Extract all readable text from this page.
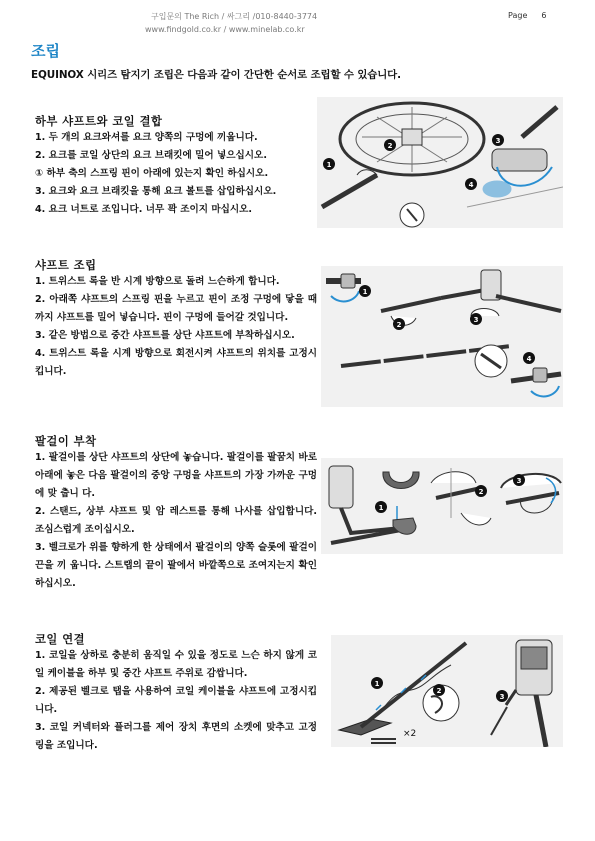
구입문의 The Rich / 싸그리 /010-8440-3774
www.findgold.co.kr / www.minelab.co.kr
Page 6
조립
EQUINOX 시리즈 탐지기 조립은 다음과 같이 간단한 순서로 조립할 수 있습니다.
하부 샤프트와 코일 결합
1. 두 개의 요크와셔를 요크 양쪽의 구멍에 끼웁니다.
2. 요크를 코일 상단의 요크 브래킷에 밀어 넣으십시오.
① 하부 축의 스프링 핀이 아래에 있는지 확인 하십시오.
3. 요크와 요크 브래킷을 통해 요크 볼트를 삽입하십시오.
4. 요크 너트로 조입니다. 너무 꽉 조이지 마십시오.
1
2
3
4
샤프트 조립
1. 트위스트 록을 반 시계 방향으로 돌려 느슨하게 합니다.
2. 아래쪽 샤프트의 스프링 핀을 누르고 핀이 조정 구멍에 닿을 때까지 샤프트를 밀어 넣습니다. 핀이 구멍에 들어갈 것입니다.
3. 같은 방법으로 중간 샤프트를 상단 샤프트에 부착하십시오.
4. 트위스트 록을 시계 방향으로 회전시켜 샤프트의 위치를 고정시킵니다.
1
2
3
4
팔걸이 부착
1. 팔걸이를 상단 샤프트의 상단에 놓습니다. 팔걸이를 팔꿈치 바로 아래에 놓은 다음 팔걸이의 중앙 구멍을 샤프트의 가장 가까운 구멍에 맞 춥니 다.
2. 스탠드, 상부 샤프트 및 암 레스트를 통해 나사를 삽입합니다. 조심스럽게 조이십시오.
3. 벨크로가 위를 향하게 한 상태에서 팔걸이의 양쪽 슬롯에 팔걸이 끈을 끼 웁니다. 스트랩의 끝이 팔에서 바깥쪽으로 조여지는지 확인하십시오.
1
2
3
코일 연결
1. 코일을 상하로 충분히 움직일 수 있을 정도로 느슨 하지 않게 코일 케이블을 하부 및 중간 샤프트 주위로 감쌉니다.
2. 제공된 벨크로 탭을 사용하여 코일 케이블을 샤프트에 고정시킵니다.
3. 코일 커넥터와 플러그를 제어 장치 후면의 소켓에 맞추고 고정 링을 조입니다.
1
2
3
×2
